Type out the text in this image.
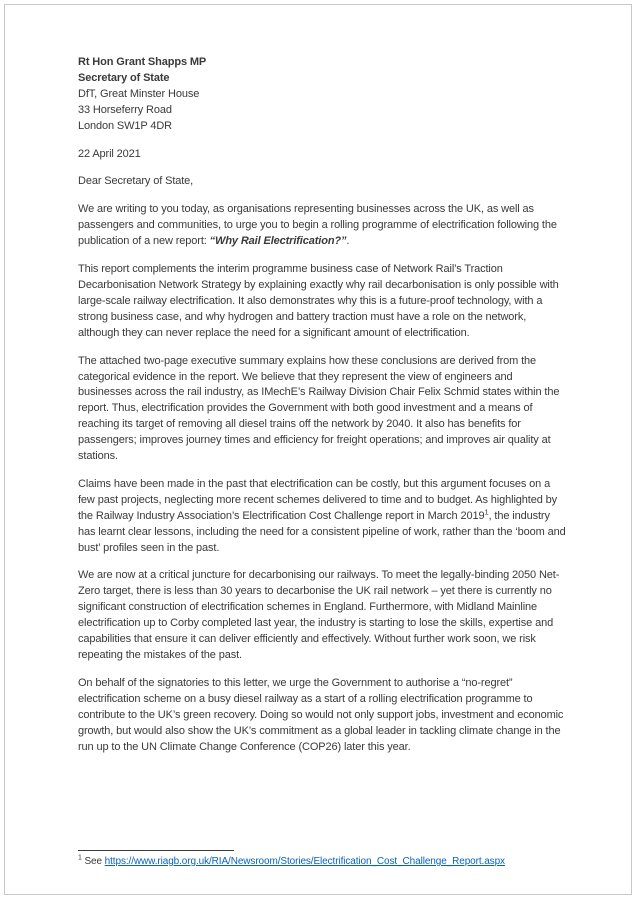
Rt Hon Grant Shapps MP
Secretary of State
DfT, Great Minster House
33 Horseferry Road
London SW1P 4DR
22 April 2021
Dear Secretary of State,

We are writing to you today, as organisations representing businesses across the UK, as well as passengers and communities, to urge you to begin a rolling programme of electrification following the publication of a new report: “Why Rail Electrification?”.

This report complements the interim programme business case of Network Rail’s Traction Decarbonisation Network Strategy by explaining exactly why rail decarbonisation is only possible with large-scale railway electrification. It also demonstrates why this is a future-proof technology, with a strong business case, and why hydrogen and battery traction must have a role on the network, although they can never replace the need for a significant amount of electrification.

The attached two-page executive summary explains how these conclusions are derived from the categorical evidence in the report. We believe that they represent the view of engineers and businesses across the rail industry, as IMechE’s Railway Division Chair Felix Schmid states within the report. Thus, electrification provides the Government with both good investment and a means of reaching its target of removing all diesel trains off the network by 2040. It also has benefits for passengers; improves journey times and efficiency for freight operations; and improves air quality at stations.

Claims have been made in the past that electrification can be costly, but this argument focuses on a few past projects, neglecting more recent schemes delivered to time and to budget. As highlighted by the Railway Industry Association’s Electrification Cost Challenge report in March 2019$^1$, the industry has learnt clear lessons, including the need for a consistent pipeline of work, rather than the ‘boom and bust’ profiles seen in the past.

We are now at a critical juncture for decarbonising our railways. To meet the legally-binding 2050 Net-Zero target, there is less than 30 years to decarbonise the UK rail network – yet there is currently no significant construction of electrification schemes in England. Furthermore, with Midland Mainline electrification up to Corby completed last year, the industry is starting to lose the skills, expertise and capabilities that ensure it can deliver efficiently and effectively. Without further work soon, we risk repeating the mistakes of the past.

On behalf of the signatories to this letter, we urge the Government to authorise a “no-regret” electrification scheme on a busy diesel railway as a start of a rolling electrification programme to contribute to the UK’s green recovery. Doing so would not only support jobs, investment and economic growth, but would also show the UK’s commitment as a global leader in tackling climate change in the run up to the UN Climate Change Conference (COP26) later this year.

$^1$ See https://www.riagb.org.uk/RIA/Newsroom/Stories/Electrification_Cost_Challenge_Report.aspx
